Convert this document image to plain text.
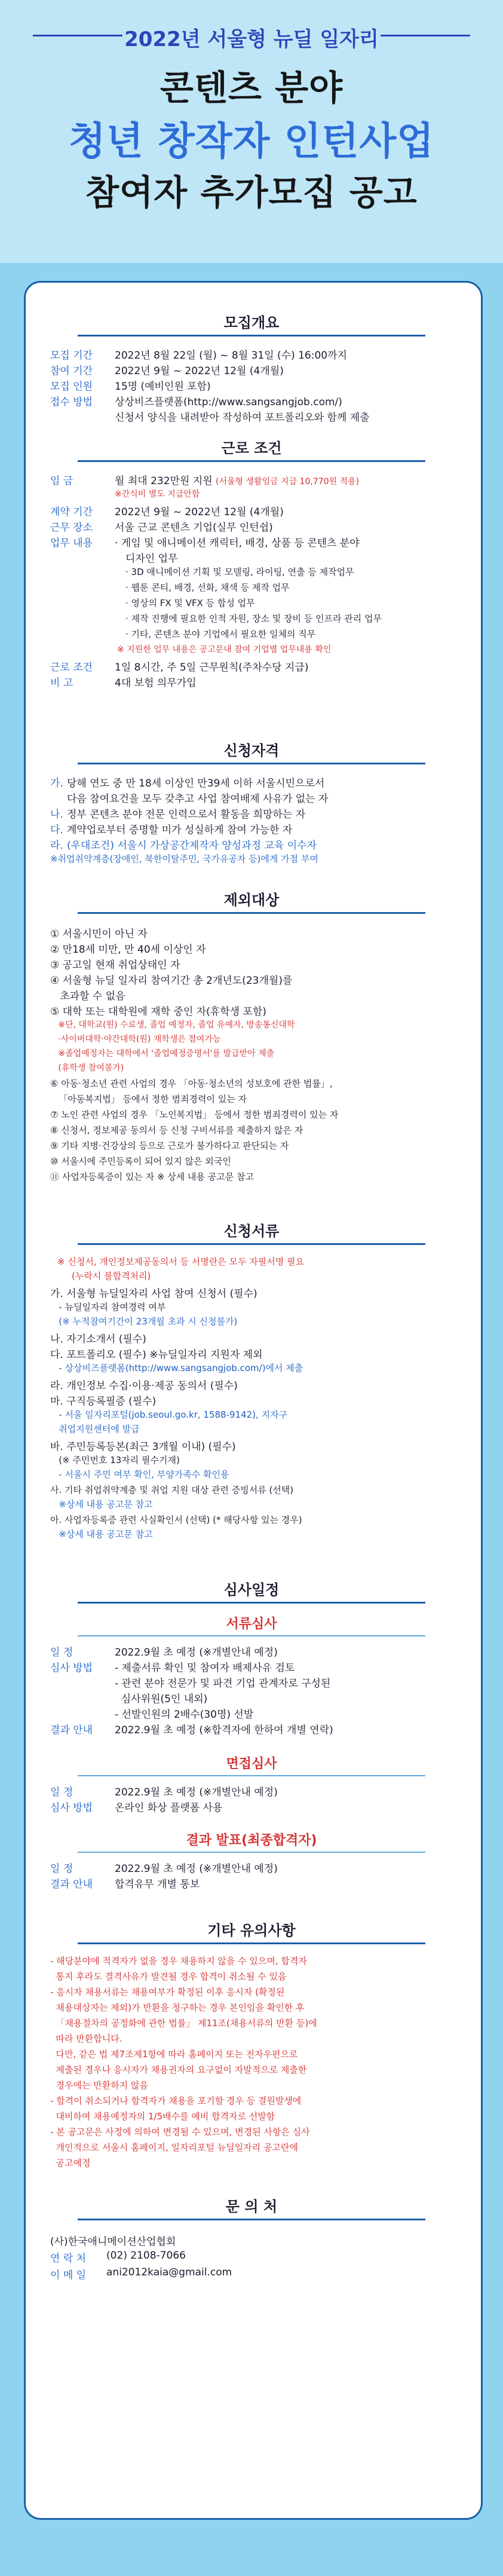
2022년 서울형 뉴딜 일자리
콘텐츠 분야
청년 창작자 인턴사업
참여자 추가모집 공고
모집개요
모집 기간 2022년 8월 22일 (월) ~ 8월 31일 (수) 16:00까지
참여 기간 2022년 9월 ~ 2022년 12월 (4개월)
모집 인원 15명 (예비인원 포함)
접수 방법 상상비즈플랫폼(http://www.sangsangjob.com/)
신청서 양식을 내려받아 작성하여 포트폴리오와 함께 제출
근로 조건
임 금	월 최대 232만원 지원 (서울형 생활임금 지급 10,770원 적용)
※간식비 별도 지급안함
계약 기간 2022년 9월 ~ 2022년 12월 (4개월)
근무 장소 서울 근교 콘텐츠 기업(실무 인턴쉽)
업무 내용 · 게임 및 애니메이션 캐릭터, 배경, 상품 등 콘텐츠 분야
디자인 업무
· 3D 애니메이션 기획 및 모델링, 라이팅, 연출 등 제작업무
· 웹툰 콘티, 배경, 선화, 채색 등 제작 업무
· 영상의 FX 및 VFX 등 합성 업무
· 제작 진행에 필요한 인적 자원, 장소 및 장비 등 인프라 관리 업무
· 기타, 콘텐츠 분야 기업에서 필요한 일체의 직무
※ 지원한 업무 내용은 공고문내 참여 기업별 업무내용 확인
근로 조건 1일 8시간, 주 5일 근무원칙(주차수당 지급)
비 고	4대 보험 의무가입
신청자격
가. 당해 연도 중 만 18세 이상인 만39세 이하 서울시민으로서
다음 참여요건을 모두 갖추고 사업 참여배제 사유가 없는 자
나. 정부 콘텐츠 분야 전문 인력으로서 활동을 희망하는 자
다. 계약업로부터 증명할 미가 성실하게 참여 가능한 자
라. (우대조건) 서울시 가상공간제작자 양성과정 교육 이수자
※취업취약계층(장애인, 북한이탈주민, 국가유공자 등)에게 가점 부여
제외대상
① 서울시민이 아닌 자
② 만18세 미만, 만 40세 이상인 자
③ 공고일 현재 취업상태인 자
④ 서울형 뉴딜 일자리 참여기간 총 2개년도(23개월)를
초과할 수 없음
⑤ 대학 또는 대학원에 재학 중인 자(휴학생 포함)
※단, 대학교(원) 수료생, 졸업 예정자, 졸업 유예자, 방송통신대학
·사이버대학·야간대학(원) 재학생은 참여가능
※졸업예정자는 대학에서 '졸업예정증명서'를 발급받아 제출
(휴학생 참여불가)
⑥ 아동·청소년 관련 사업의 경우 「아동·청소년의 성보호에 관한 법률」,
「아동복지법」 등에서 정한 범죄경력이 있는 자
⑦ 노인 관련 사업의 경우 「노인복지법」 등에서 정한 범죄경력이 있는 자
⑧ 신청서, 정보제공 동의서 등 신청 구비서류를 제출하지 않은 자
⑨ 기타 지병·건강상의 등으로 근로가 불가하다고 판단되는 자
⑩ 서울시에 주민등록이 되어 있지 않은 외국인
⑪ 사업자등록증이 있는 자 ※ 상세 내용 공고문 참고
신청서류
※ 신청서, 개인정보제공동의서 등 서명란은 모두 자필서명 필요
(누락시 불합격처리)
가. 서울형 뉴딜일자리 사업 참여 신청서 (필수)
- 뉴딜일자리 참여경력 여부
(※ 누적참여기간이 23개월 초과 시 신청불가)
나. 자기소개서 (필수)
다. 포트폴리오 (필수) ※뉴딜일자리 지원자 제외
- 상상비즈플랫폼(http://www.sangsangjob.com/)에서 제출
라. 개인정보 수집·이용·제공 동의서 (필수)
마. 구직등록필증 (필수)
- 서울 일자리포털(job.seoul.go.kr, 1588-9142), 지자구
취업지원센터에 발급
바. 주민등록등본(최근 3개월 이내) (필수)
(※ 주민번호 13자리 필수기재)
- 서울시 주민 여부 확인, 부양가족수 확인용
사. 기타 취업취약계층 및 취업 지원 대상 관련 증빙서류 (선택)
※상세 내용 공고문 참고
아. 사업자등록증 관련 사실확인서 (선택) (* 해당사항 있는 경우)
※상세 내용 공고문 참고
심사일정
서류심사
일 정	2022.9월 초 예정 (※개별안내 예정)
심사 방법 - 제출서류 확인 및 참여자 배제사유 검토
- 관련 분야 전문가 및 파견 기업 관계자로 구성된
심사위원(5인 내외)
- 선발인원의 2배수(30명) 선발
결과 안내 2022.9월 초 예정 (※합격자에 한하여 개별 연락)
면접심사
일 정	2022.9월 초 예정 (※개별안내 예정)
심사 방법 온라인 화상 플랫폼 사용
결과 발표(최종합격자)
일 정	2022.9월 초 예정 (※개별안내 예정)
결과 안내 합격유무 개별 통보
기타 유의사항
- 해당분야에 적격자가 없을 경우 채용하지 않을 수 있으며, 합격자
통지 후라도 결격사유가 발견될 경우 합격이 취소될 수 있음
- 응시자 채용서류는 채용여부가 확정된 이후 응시자 (확정된
채용대상자는 제외)가 반환을 청구하는 경우 본인임을 확인한 후
「채용절차의 공정화에 관한 법률」 제11조(채용서류의 반환 등)에
따라 반환합니다.
다만, 같은 법 제7조제1항에 따라 홈페이지 또는 전자우편으로
제출된 경우나 응시자가 채용권자의 요구없이 자발적으로 제출한
경우에는 반환하지 않음
- 합격이 취소되거나 합격자가 채용을 포기할 경우 등 결원발생에
대비하여 채용예정자의 1/5배수를 예비 합격자로 선발함
- 본 공고문은 사정에 의하여 변경될 수 있으며, 변경된 사항은 심사
개인적으로 서울시 홈페이지, 일자리포털 뉴딜일자리 공고란에
공고예정
문 의 처
(사)한국애니메이션산업협회
연 락 처 (02) 2108-7066
이 메 일 ani2012kaia@gmail.com
